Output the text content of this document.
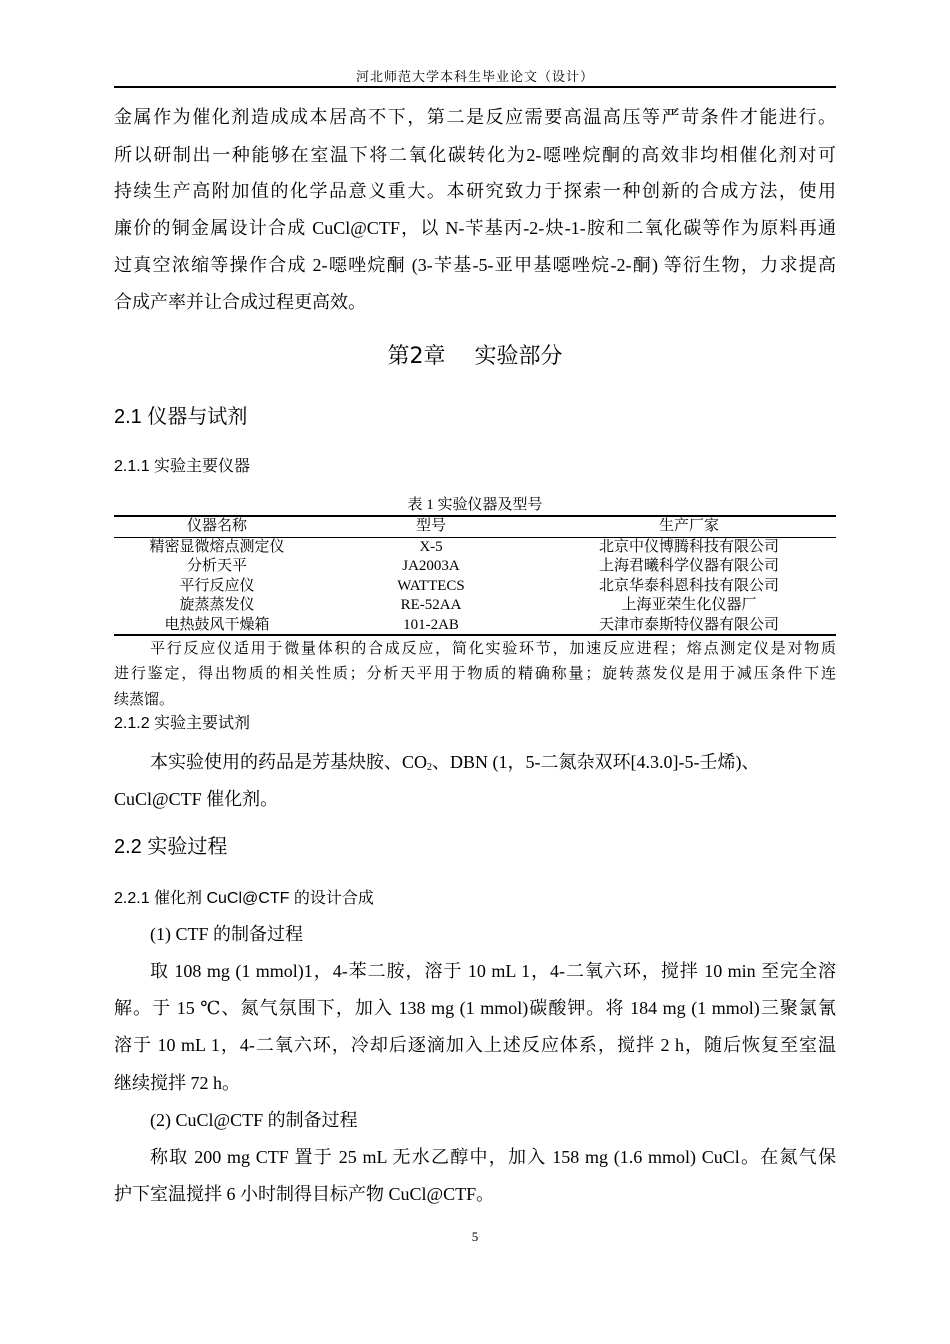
河北师范大学本科生毕业论文（设计）
金属作为催化剂造成成本居高不下，第二是反应需要高温高压等严苛条件才能进行。
所以研制出一种能够在室温下将二氧化碳转化为2-噁唑烷酮的高效非均相催化剂对可
持续生产高附加值的化学品意义重大。本研究致力于探索一种创新的合成方法，使用
廉价的铜金属设计合成 CuCl@CTF，以 N-苄基丙-2-炔-1-胺和二氧化碳等作为原料再通
过真空浓缩等操作合成 2-噁唑烷酮 (3-苄基-5-亚甲基噁唑烷-2-酮) 等衍生物，力求提高
合成产率并让合成过程更高效。
第2章　 实验部分
2.1 仪器与试剂
2.1.1 实验主要仪器
表 1 实验仪器及型号
仪器名称	型号	生产厂家
精密显微熔点测定仪	X-5	北京中仪博腾科技有限公司
分析天平	JA2003A	上海君曦科学仪器有限公司
平行反应仪	WATTECS	北京华泰科恩科技有限公司
旋蒸蒸发仪	RE-52AA	上海亚荣生化仪器厂
电热鼓风干燥箱	101-2AB	天津市泰斯特仪器有限公司
平行反应仪适用于微量体积的合成反应，简化实验环节，加速反应进程；熔点测定仪是对物质
进行鉴定，得出物质的相关性质；分析天平用于物质的精确称量；旋转蒸发仪是用于减压条件下连
续蒸馏。
2.1.2 实验主要试剂
本实验使用的药品是芳基炔胺、$CO_2$、DBN (1，5-二氮杂双环[4.3.0]-5-壬烯)、
CuCl@CTF 催化剂。
2.2 实验过程
2.2.1 催化剂 CuCl@CTF 的设计合成
(1) CTF 的制备过程
取 108 mg (1 mmol)1，4-苯二胺，溶于 10 mL 1，4-二氧六环，搅拌 10 min 至完全溶
解。于 15 ℃、氮气氛围下，加入 138 mg (1 mmol)碳酸钾。将 184 mg (1 mmol)三聚氯氰
溶于 10 mL 1，4-二氧六环，冷却后逐滴加入上述反应体系，搅拌 2 h，随后恢复至室温
继续搅拌 72 h。
(2) CuCl@CTF 的制备过程
称取 200 mg CTF 置于 25 mL 无水乙醇中，加入 158 mg (1.6 mmol) CuCl。在氮气保
护下室温搅拌 6 小时制得目标产物 CuCl@CTF。
5
